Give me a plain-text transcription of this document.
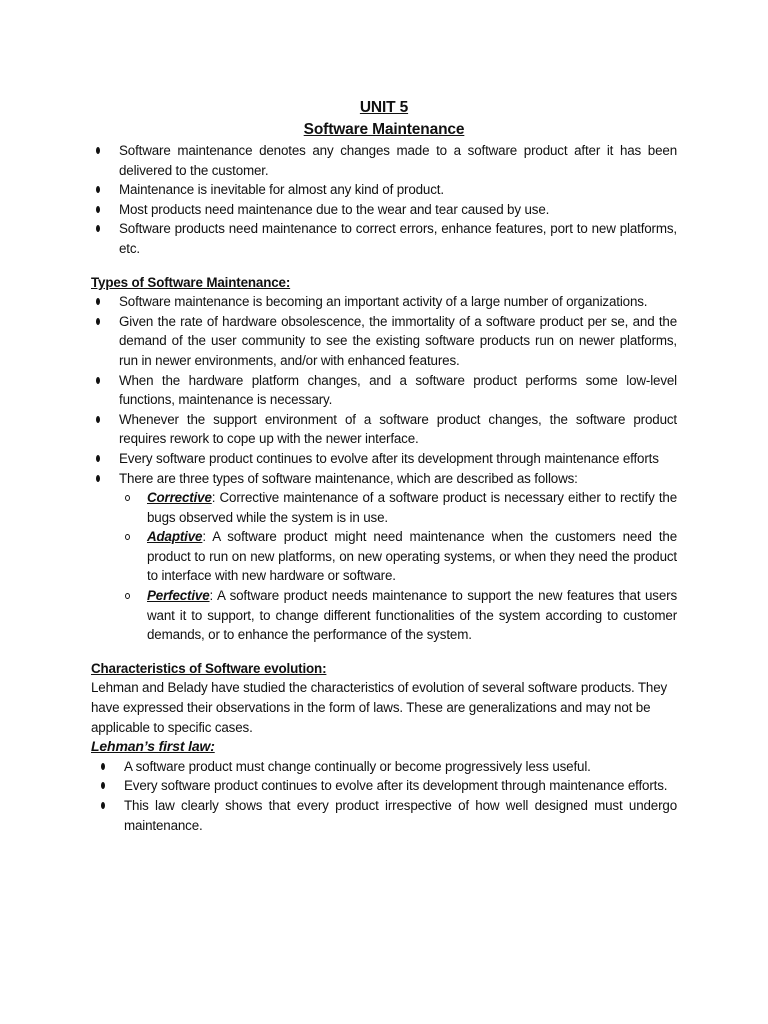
UNIT 5
Software Maintenance
Software maintenance denotes any changes made to a software product after it has been delivered to the customer.
Maintenance is inevitable for almost any kind of product.
Most products need maintenance due to the wear and tear caused by use.
Software products need maintenance to correct errors, enhance features, port to new platforms, etc.
Types of Software Maintenance:
Software maintenance is becoming an important activity of a large number of organizations.
Given the rate of hardware obsolescence, the immortality of a software product per se, and the demand of the user community to see the existing software products run on newer platforms, run in newer environments, and/or with enhanced features.
When the hardware platform changes, and a software product performs some low-level functions, maintenance is necessary.
Whenever the support environment of a software product changes, the software product requires rework to cope up with the newer interface.
Every software product continues to evolve after its development through maintenance efforts
There are three types of software maintenance, which are described as follows:
Corrective: Corrective maintenance of a software product is necessary either to rectify the bugs observed while the system is in use.
Adaptive: A software product might need maintenance when the customers need the product to run on new platforms, on new operating systems, or when they need the product to interface with new hardware or software.
Perfective: A software product needs maintenance to support the new features that users want it to support, to change different functionalities of the system according to customer demands, or to enhance the performance of the system.
Characteristics of Software evolution:
Lehman and Belady have studied the characteristics of evolution of several software products. They have expressed their observations in the form of laws. These are generalizations and may not be applicable to specific cases.
Lehman’s first law:
A software product must change continually or become progressively less useful.
Every software product continues to evolve after its development through maintenance efforts.
This law clearly shows that every product irrespective of how well designed must undergo maintenance.
